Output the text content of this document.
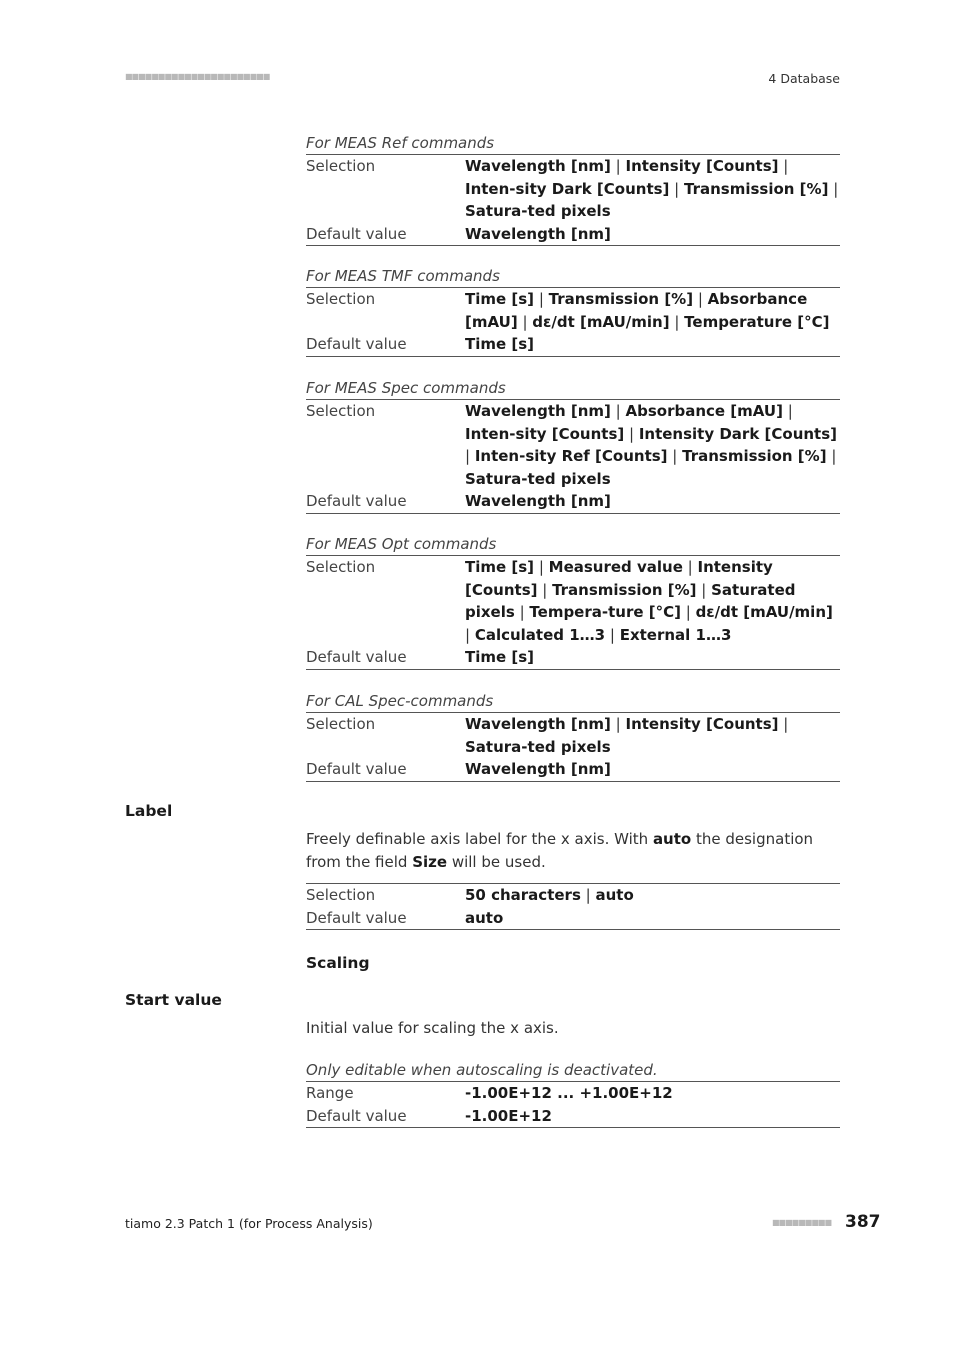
■■■■■■■■■■■■■■■■■■■■■■	4 Database

For MEAS Ref commands

Selection	Wavelength [nm] | Intensity [Counts] | Inten-sity Dark [Counts] | Transmission [%] | Satura-ted pixels
Default value	Wavelength [nm]

For MEAS TMF commands

Selection	Time [s] | Transmission [%] | Absorbance [mAU] | dε/dt [mAU/min] | Temperature [°C]
Default value	Time [s]

For MEAS Spec commands

Selection	Wavelength [nm] | Absorbance [mAU] | Inten-sity [Counts] | Intensity Dark [Counts] | Inten-sity Ref [Counts] | Transmission [%] | Satura-ted pixels
Default value	Wavelength [nm]

For MEAS Opt commands

Selection	Time [s] | Measured value | Intensity [Counts] | Transmission [%] | Saturated pixels | Tempera-ture [°C] | dε/dt [mAU/min] | Calculated 1…3 | External 1…3
Default value	Time [s]

For CAL Spec-commands

Selection	Wavelength [nm] | Intensity [Counts] | Satura-ted pixels
Default value	Wavelength [nm]
Label
Freely definable axis label for the x axis. With auto the designation from the field Size will be used.
Selection	50 characters | auto
Default value	auto
Scaling
Start value
Initial value for scaling the x axis.

Only editable when autoscaling is deactivated.

Range	-1.00E+12 ... +1.00E+12
Default value	-1.00E+12
tiamo 2.3 Patch 1 (for Process Analysis)	■■■■■■■■■ 387
